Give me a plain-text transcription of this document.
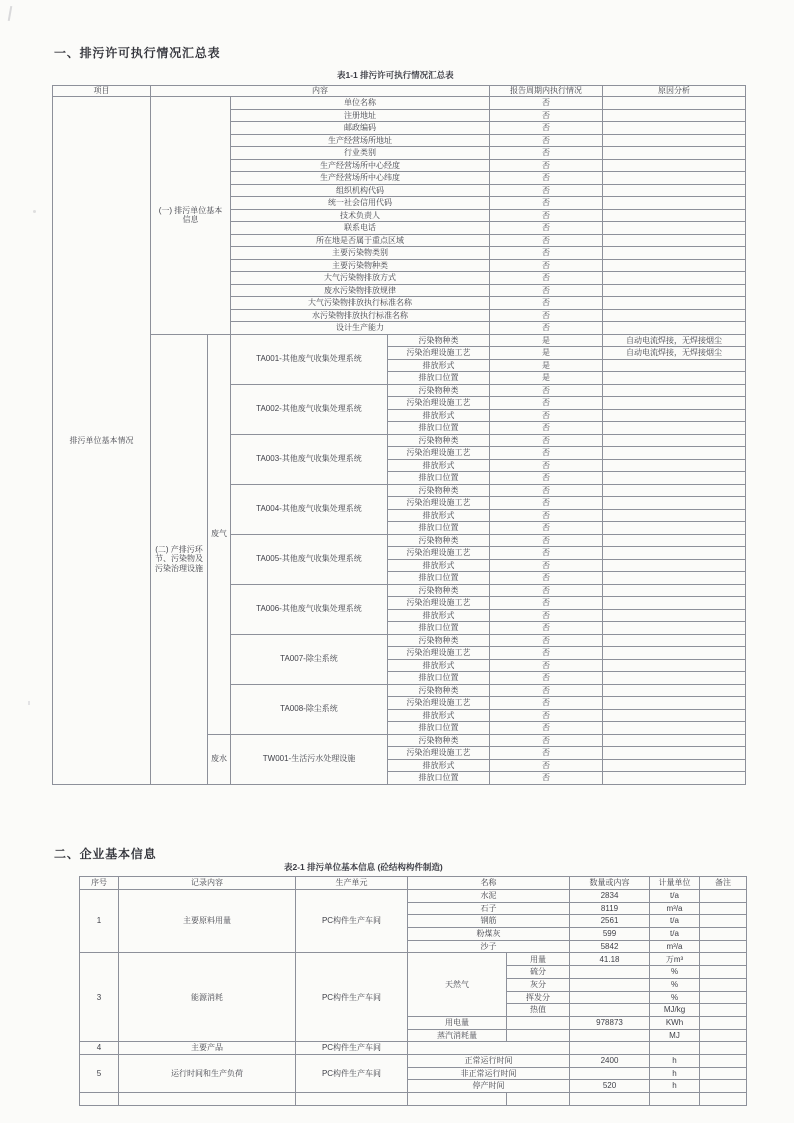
一、排污许可执行情况汇总表
表1-1 排污许可执行情况汇总表
项目	内容				报告周期内执行情况	原因分析
排污单位基本情况	(一) 排污单位基本信息		单位名称		否	
			注册地址		否	
			邮政编码		否	
			生产经营场所地址		否	
			行业类别		否	
			生产经营场所中心经度		否	
			生产经营场所中心纬度		否	
			组织机构代码		否	
			统一社会信用代码		否	
			技术负责人		否	
			联系电话		否	
			所在地是否属于重点区域		否	
			主要污染物类别		否	
			主要污染物种类		否	
			大气污染物排放方式		否	
			废水污染物排放规律		否	
			大气污染物排放执行标准名称		否	
			水污染物排放执行标准名称		否	
			设计生产能力		否	
	(二) 产排污环节、污染物及污染治理设施	废气	TA001-其他废气收集处理系统	污染物种类	是	自动电流焊接，无焊接烟尘
				污染治理设施工艺	是	自动电流焊接，无焊接烟尘
				排放形式	是	
				排放口位置	是	
			TA002-其他废气收集处理系统	污染物种类	否	
				污染治理设施工艺	否	
				排放形式	否	
				排放口位置	否	
			TA003-其他废气收集处理系统	污染物种类	否	
				污染治理设施工艺	否	
				排放形式	否	
				排放口位置	否	
			TA004-其他废气收集处理系统	污染物种类	否	
				污染治理设施工艺	否	
				排放形式	否	
				排放口位置	否	
			TA005-其他废气收集处理系统	污染物种类	否	
				污染治理设施工艺	否	
				排放形式	否	
				排放口位置	否	
			TA006-其他废气收集处理系统	污染物种类	否	
				污染治理设施工艺	否	
				排放形式	否	
				排放口位置	否	
			TA007-除尘系统	污染物种类	否	
				污染治理设施工艺	否	
				排放形式	否	
				排放口位置	否	
			TA008-除尘系统	污染物种类	否	
				污染治理设施工艺	否	
				排放形式	否	
				排放口位置	否	
		废水	TW001-生活污水处理设施	污染物种类	否	
				污染治理设施工艺	否	
				排放形式	否	
				排放口位置	否	
二、企业基本信息
表2-1 排污单位基本信息 (砼结构构件制造)
序号	记录内容	生产单元	名称		数量或内容	计量单位	备注
1	主要原料用量	PC构件生产车间	水泥		2834	t/a	
			石子		8119	m³/a	
			钢筋		2561	t/a	
			粉煤灰		599	t/a	
			沙子		5842	m³/a	
3	能源消耗	PC构件生产车间	天然气	用量	41.18	万m³	
				硫分		%	
				灰分		%	
				挥发分		%	
				热值		MJ/kg	
			用电量		978873	KWh	
			蒸汽消耗量			MJ	
4	主要产品	PC构件生产车间					
5	运行时间和生产负荷	PC构件生产车间	正常运行时间		2400	h	
			非正常运行时间			h	
			停产时间		520	h	
